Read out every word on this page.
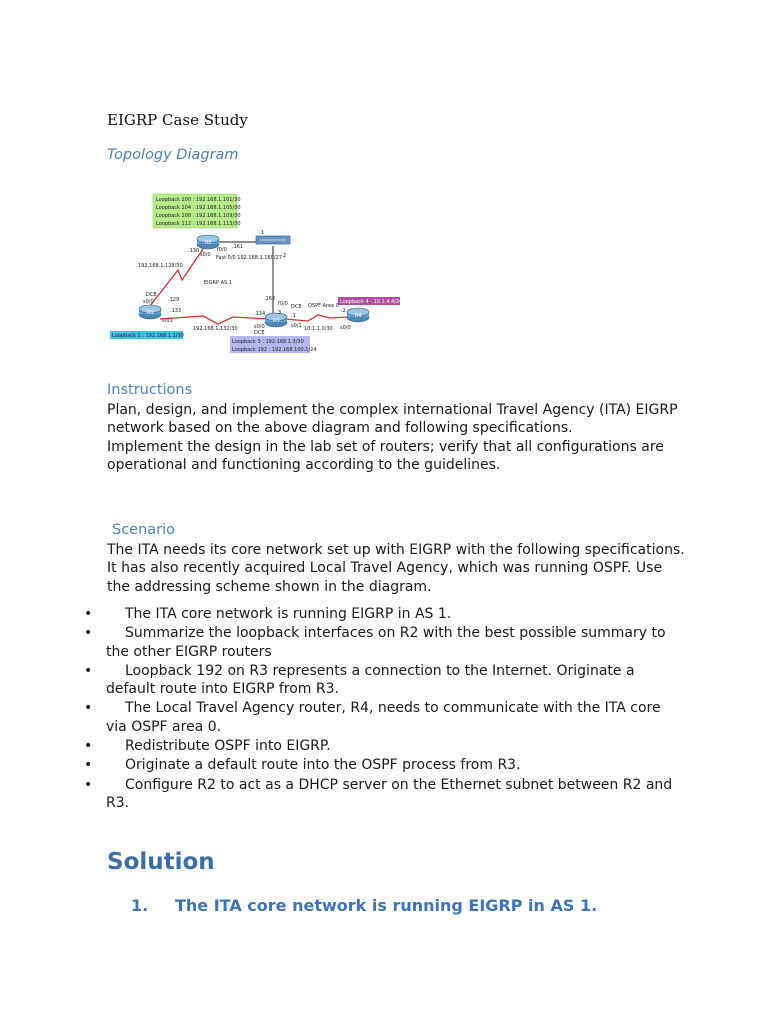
EIGRP Case Study
Topology Diagram
Loopback 100 : 192.168.1.101/30
Loopback 104 : 192.168.1.105/30
Loopback 108 : 192.168.1.109/30
Loopback 112 : 192.168.1.113/30
R2
R1
R3
R4
Loopback 1 : 192.168.1.1/30
Loopback 4 : 10.1.4.4/24
Loopback 3 : 192.168.1.3/30
Loopback 192 : 192.168.100.1/24
192.168.1.128/30
EIGRP AS 1
OSPF Area 0
192.168.1.132/30	10.1.1.0/30
Fast 0/0 192.168.1.160/27
.161
f0/0
.130
s0/0
1
2
3
DCE
s0/0	.129
.133
s0/1
.162
f0/0 DCE
.134
s0/0
DCE
s0/1
.1
.2
s0/0
Instructions

Plan, design, and implement the complex international Travel Agency (ITA) EIGRP network based on the above diagram and following specifications.

Implement the design in the lab set of routers; verify that all configurations are operational and functioning according to the guidelines.

Scenario

The ITA needs its core network set up with EIGRP with the following specifications. It has also recently acquired Local Travel Agency, which was running OSPF. Use the addressing scheme shown in the diagram.

•	The ITA core network is running EIGRP in AS 1.
•	Summarize the loopback interfaces on R2 with the best possible summary to the other EIGRP routers
•	Loopback 192 on R3 represents a connection to the Internet. Originate a default route into EIGRP from R3.
•	The Local Travel Agency router, R4, needs to communicate with the ITA core via OSPF area 0.
•	Redistribute OSPF into EIGRP.
•	Originate a default route into the OSPF process from R3.
•	Configure R2 to act as a DHCP server on the Ethernet subnet between R2 and R3.
Solution
1. The ITA core network is running EIGRP in AS 1.
